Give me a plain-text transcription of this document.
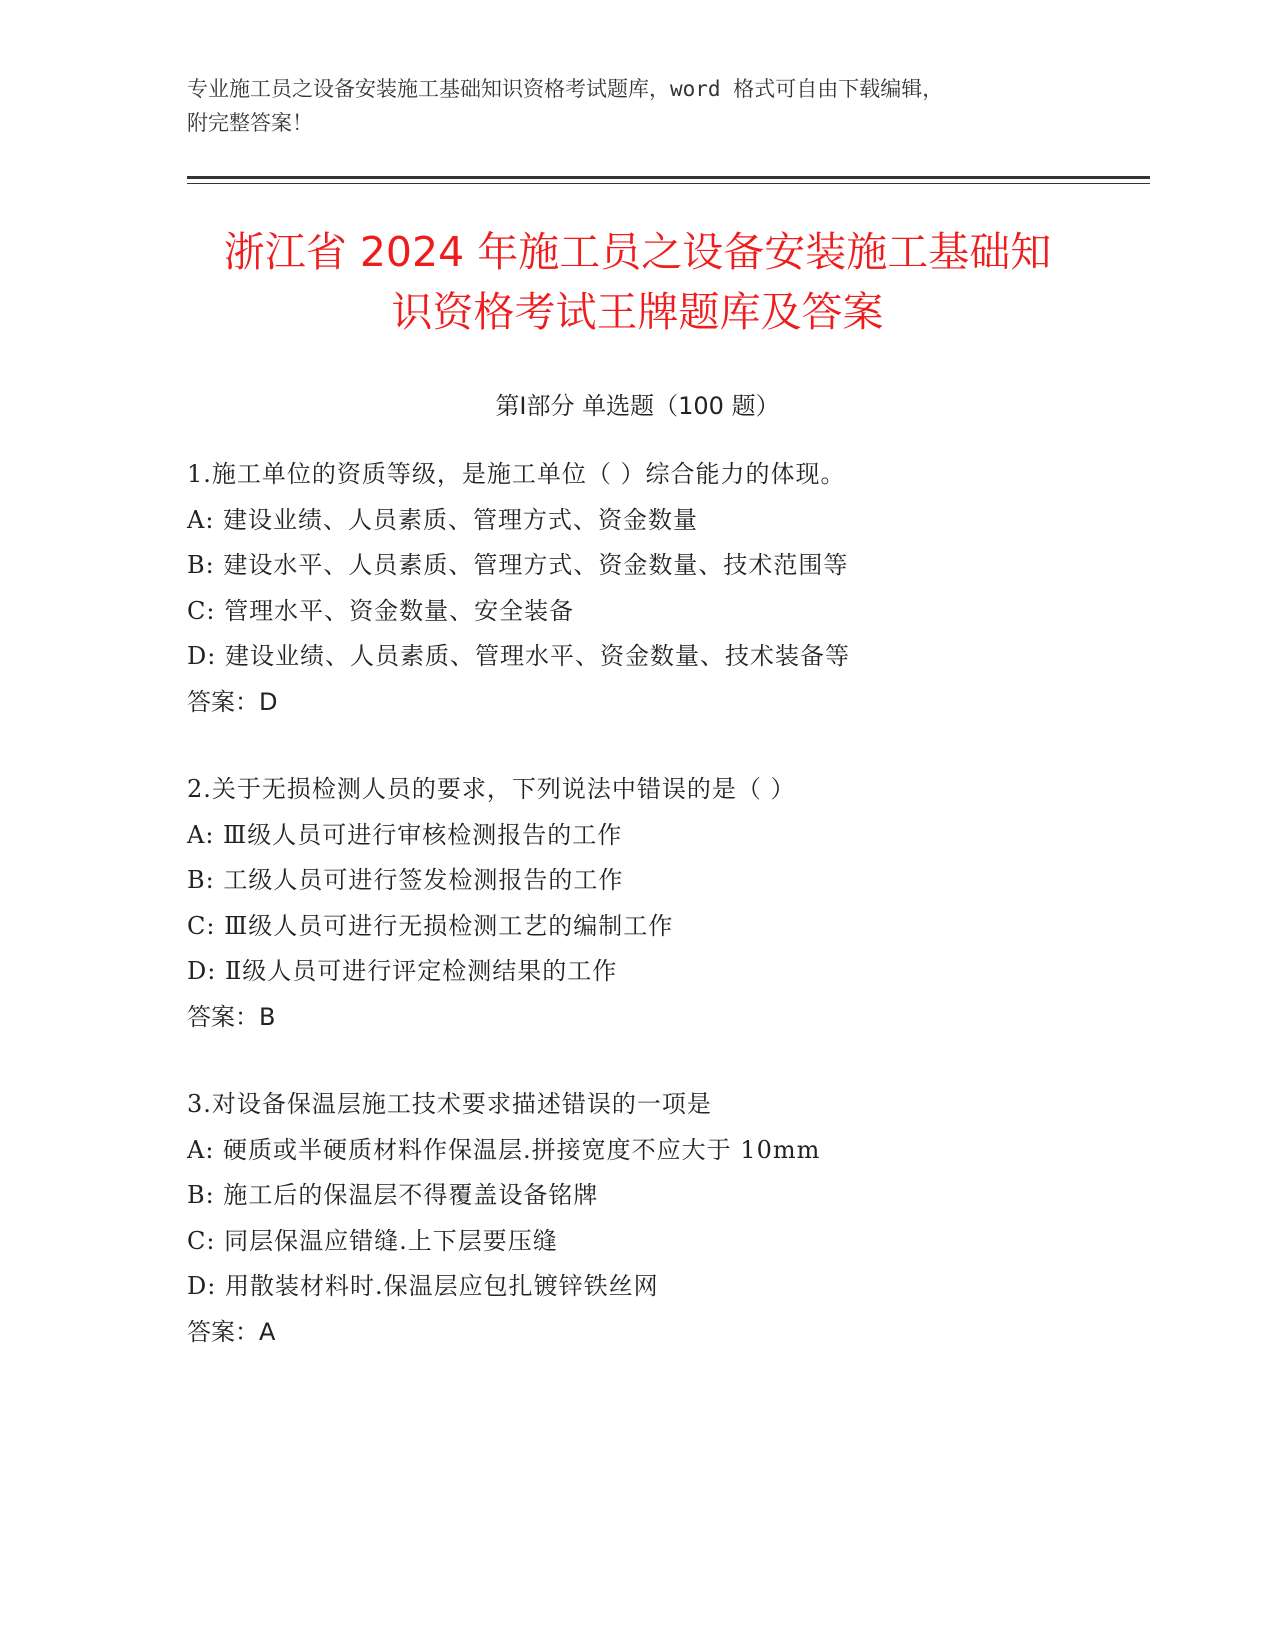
专业施工员之设备安装施工基础知识资格考试题库，word 格式可自由下载编辑，
附完整答案！
浙江省 2024 年施工员之设备安装施工基础知
识资格考试王牌题库及答案
第Ⅰ部分 单选题（100 题）
1.施工单位的资质等级，是施工单位（ ）综合能力的体现。
A: 建设业绩、人员素质、管理方式、资金数量
B: 建设水平、人员素质、管理方式、资金数量、技术范围等
C: 管理水平、资金数量、安全装备
D: 建设业绩、人员素质、管理水平、资金数量、技术装备等
答案：D
2.关于无损检测人员的要求，下列说法中错误的是（ ）
A: Ⅲ级人员可进行审核检测报告的工作
B: 工级人员可进行签发检测报告的工作
C: Ⅲ级人员可进行无损检测工艺的编制工作
D: Ⅱ级人员可进行评定检测结果的工作
答案：B
3.对设备保温层施工技术要求描述错误的一项是
A: 硬质或半硬质材料作保温层.拼接宽度不应大于 10mm
B: 施工后的保温层不得覆盖设备铭牌
C: 同层保温应错缝.上下层要压缝
D: 用散装材料时.保温层应包扎镀锌铁丝网
答案：A
